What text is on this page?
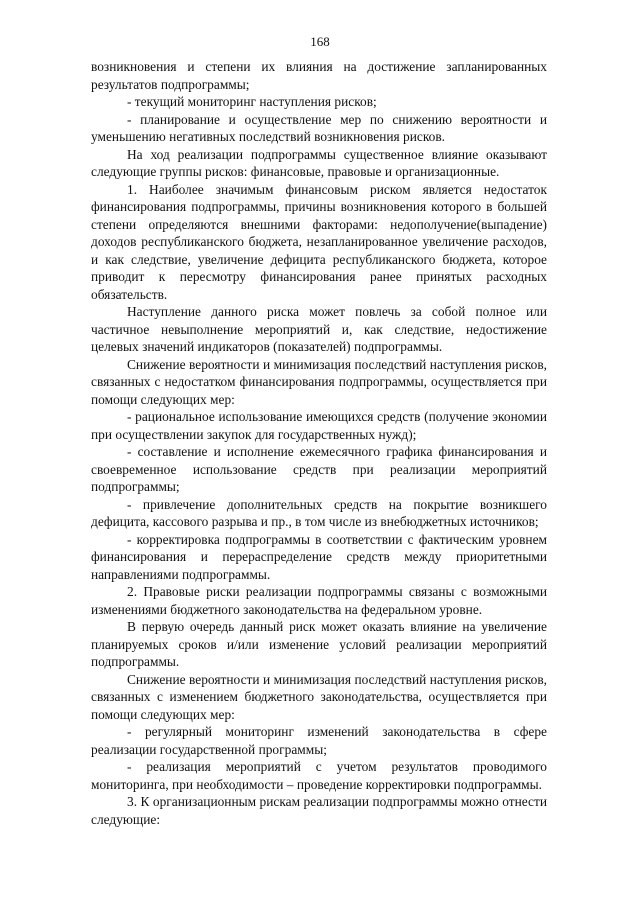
168

возникновения и степени их влияния на достижение запланированных результатов подпрограммы;

- текущий мониторинг наступления рисков;

- планирование и осуществление мер по снижению вероятности и уменьшению негативных последствий возникновения рисков.

На ход реализации подпрограммы существенное влияние оказывают следующие группы рисков: финансовые, правовые и организационные.

1. Наиболее значимым финансовым риском является недостаток финансирования подпрограммы, причины возникновения которого в большей степени определяются внешними факторами: недополучение(выпадение) доходов республиканского бюджета, незапланированное увеличение расходов, и как следствие, увеличение дефицита республиканского бюджета, которое приводит к пересмотру финансирования ранее принятых расходных обязательств.

Наступление данного риска может повлечь за собой полное или частичное невыполнение мероприятий и, как следствие, недостижение целевых значений индикаторов (показателей) подпрограммы.

Снижение вероятности и минимизация последствий наступления рисков, связанных с недостатком финансирования подпрограммы, осуществляется при помощи следующих мер:

- рациональное использование имеющихся средств (получение экономии при осуществлении закупок для государственных нужд);

- составление и исполнение ежемесячного графика финансирования и своевременное использование средств при реализации мероприятий подпрограммы;

- привлечение дополнительных средств на покрытие возникшего дефицита, кассового разрыва и пр., в том числе из внебюджетных источников;

- корректировка подпрограммы в соответствии с фактическим уровнем финансирования и перераспределение средств между приоритетными направлениями подпрограммы.

2. Правовые риски реализации подпрограммы связаны с возможными изменениями бюджетного законодательства на федеральном уровне.

В первую очередь данный риск может оказать влияние на увеличение планируемых сроков и/или изменение условий реализации мероприятий подпрограммы.

Снижение вероятности и минимизация последствий наступления рисков, связанных с изменением бюджетного законодательства, осуществляется при помощи следующих мер:

- регулярный мониторинг изменений законодательства в сфере реализации государственной программы;

- реализация мероприятий с учетом результатов проводимого мониторинга, при необходимости – проведение корректировки подпрограммы.

3. К организационным рискам реализации подпрограммы можно отнести следующие:
